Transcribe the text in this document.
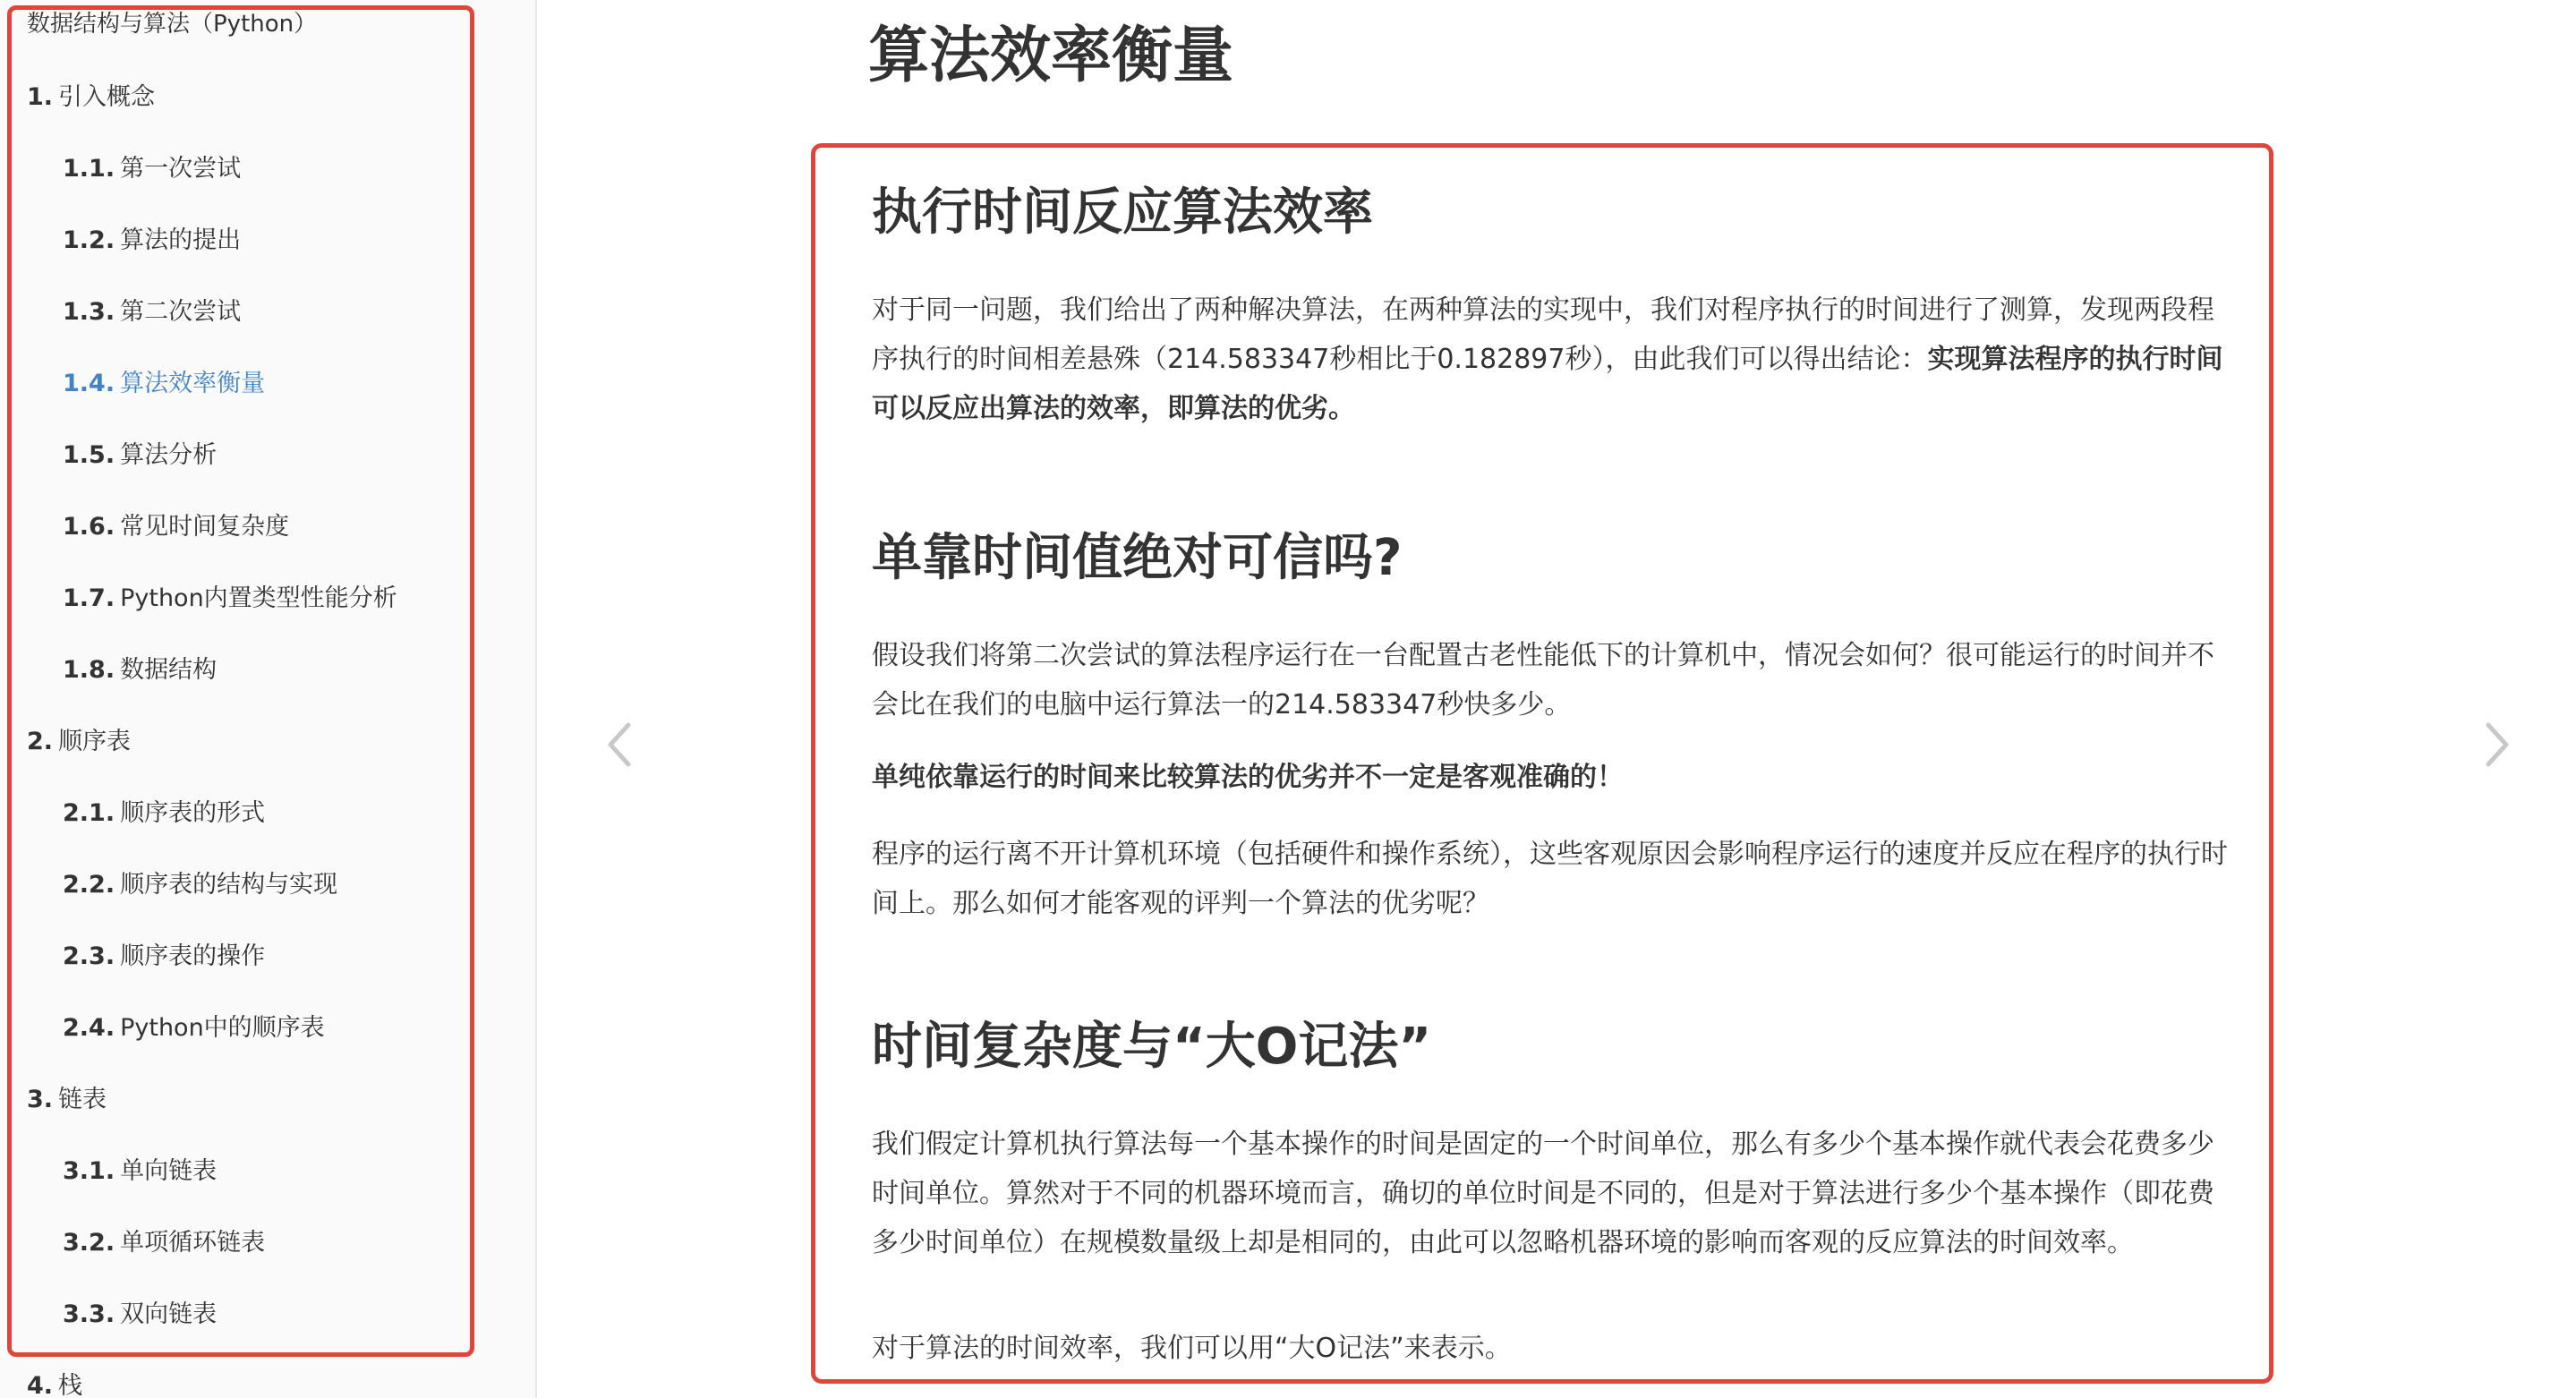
数据结构与算法（Python）
1. 引入概念
1.1. 第一次尝试
1.2. 算法的提出
1.3. 第二次尝试
1.4. 算法效率衡量
1.5. 算法分析
1.6. 常见时间复杂度
1.7. Python内置类型性能分析
1.8. 数据结构
2. 顺序表
2.1. 顺序表的形式
2.2. 顺序表的结构与实现
2.3. 顺序表的操作
2.4. Python中的顺序表
3. 链表
3.1. 单向链表
3.2. 单项循环链表
3.3. 双向链表
4. 栈
算法效率衡量
执行时间反应算法效率

对于同一问题，我们给出了两种解决算法，在两种算法的实现中，我们对程序执行的时间进行了测算，发现两段程序执行的时间相差悬殊（214.583347秒相比于0.182897秒），由此我们可以得出结论：实现算法程序的执行时间可以反应出算法的效率，即算法的优劣。

单靠时间值绝对可信吗?

假设我们将第二次尝试的算法程序运行在一台配置古老性能低下的计算机中，情况会如何？很可能运行的时间并不会比在我们的电脑中运行算法一的214.583347秒快多少。

单纯依靠运行的时间来比较算法的优劣并不一定是客观准确的！

程序的运行离不开计算机环境（包括硬件和操作系统），这些客观原因会影响程序运行的速度并反应在程序的执行时间上。那么如何才能客观的评判一个算法的优劣呢？

时间复杂度与“大O记法”

我们假定计算机执行算法每一个基本操作的时间是固定的一个时间单位，那么有多少个基本操作就代表会花费多少时间单位。算然对于不同的机器环境而言，确切的单位时间是不同的，但是对于算法进行多少个基本操作（即花费多少时间单位）在规模数量级上却是相同的，由此可以忽略机器环境的影响而客观的反应算法的时间效率。

对于算法的时间效率，我们可以用“大O记法”来表示。
